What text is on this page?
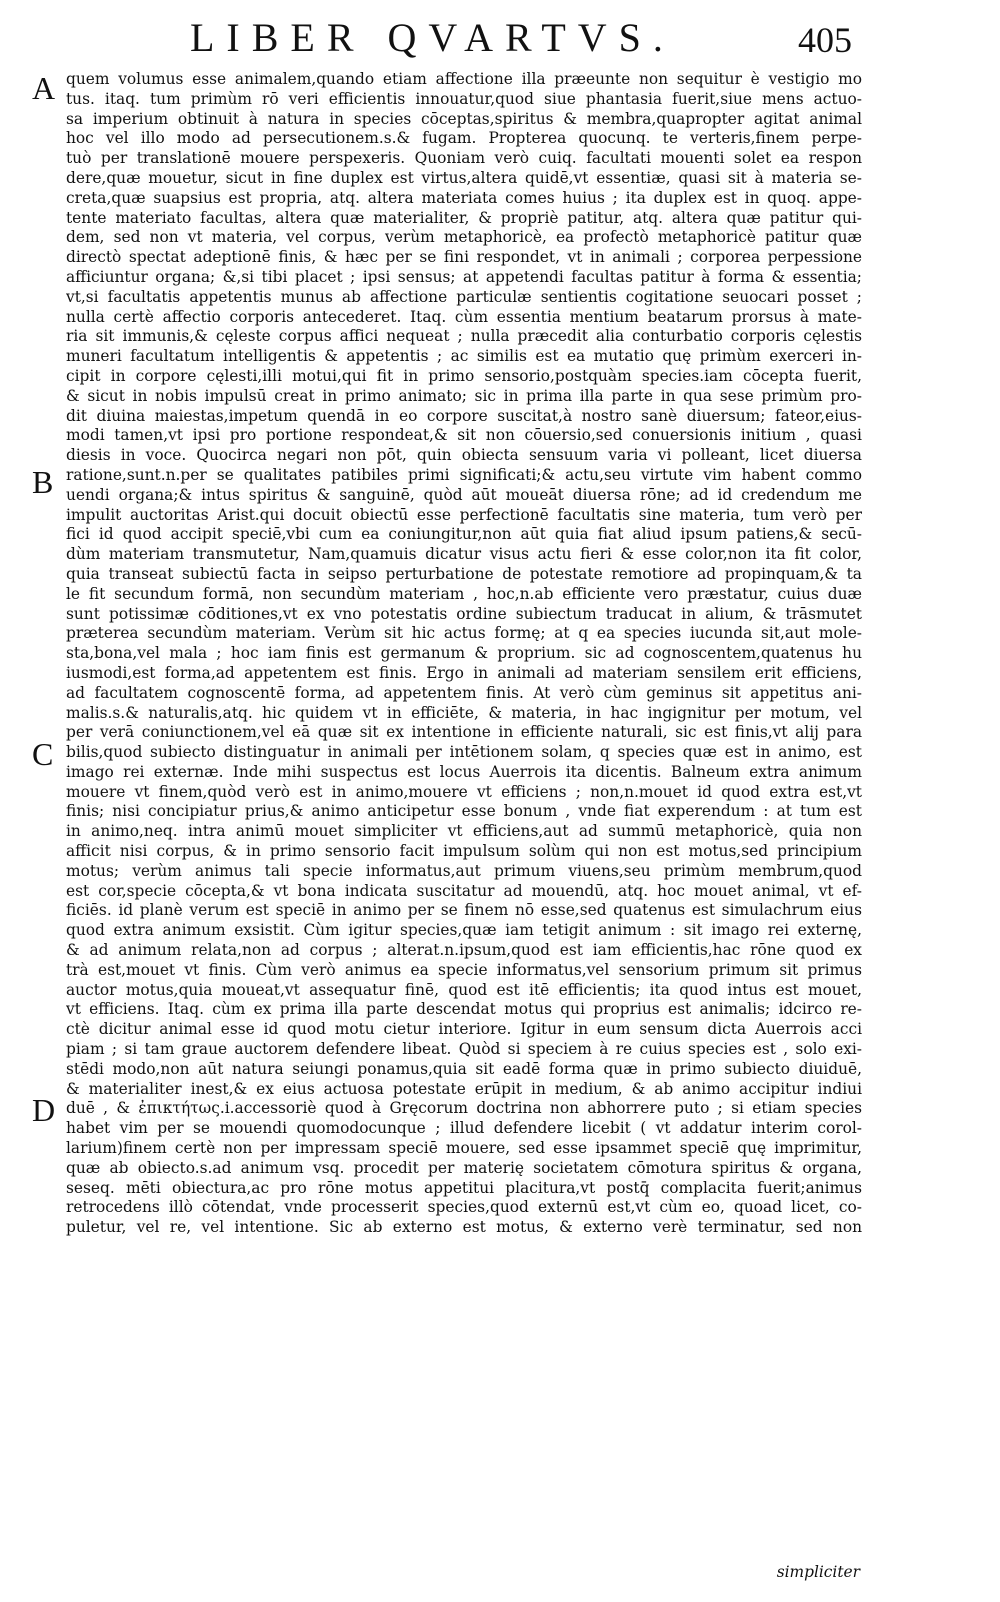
LIBER QVARTVS.	405
A
B
C
D
quem volumus esse animalem,quando etiam affectione illa præeunte non sequitur è vestigio mo
tus. itaq. tum primùm rō veri efficientis innouatur,quod siue phantasia fuerit,siue mens actuo-
sa imperium obtinuit à natura in species cōceptas,spiritus & membra,quapropter agitat animal
hoc vel illo modo ad persecutionem.s.& fugam. Propterea quocunq. te verteris,finem perpe-
tuò per translationē mouere perspexeris. Quoniam verò cuiq. facultati mouenti solet ea respon
dere,quæ mouetur, sicut in fine duplex est virtus,altera quidē,vt essentiæ, quasi sit à materia se-
creta,quæ suapsius est propria, atq. altera materiata comes huius ; ita duplex est in quoq. appe-
tente materiato facultas, altera quæ materialiter, & propriè patitur, atq. altera quæ patitur qui-
dem, sed non vt materia, vel corpus, verùm metaphoricè, ea profectò metaphoricè patitur quæ
directò spectat adeptionē finis, & hæc per se fini respondet, vt in animali ; corporea perpessione
afficiuntur organa; &,si tibi placet ; ipsi sensus; at appetendi facultas patitur à forma & essentia;
vt,si facultatis appetentis munus ab affectione particulæ sentientis cogitatione seuocari posset ;
nulla certè affectio corporis antecederet. Itaq. cùm essentia mentium beatarum prorsus à mate-
ria sit immunis,& cęleste corpus affici nequeat ; nulla præcedit alia conturbatio corporis cęlestis
muneri facultatum intelligentis & appetentis ; ac similis est ea mutatio quę primùm exerceri in-
cipit in corpore cęlesti,illi motui,qui fit in primo sensorio,postquàm species.iam cōcepta fuerit,
& sicut in nobis impulsū creat in primo animato; sic in prima illa parte in qua sese primùm pro-
dit diuina maiestas,impetum quendā in eo corpore suscitat,à nostro sanè diuersum; fateor,eius-
modi tamen,vt ipsi pro portione respondeat,& sit non cōuersio,sed conuersionis initium , quasi
diesis in voce. Quocirca negari non pōt, quin obiecta sensuum varia vi polleant, licet diuersa
ratione,sunt.n.per se qualitates patibiles primi significati;& actu,seu virtute vim habent commo
uendi organa;& intus spiritus & sanguinē, quòd aūt moueāt diuersa rōne; ad id credendum me
impulit auctoritas Arist.qui docuit obiectū esse perfectionē facultatis sine materia, tum verò per
fici id quod accipit speciē,vbi cum ea coniungitur,non aūt quia fiat aliud ipsum patiens,& secū-
dùm materiam transmutetur, Nam,quamuis dicatur visus actu fieri & esse color,non ita fit color,
quia transeat subiectū facta in seipso perturbatione de potestate remotiore ad propinquam,& ta
le fit secundum formā, non secundùm materiam , hoc,n.ab efficiente vero præstatur, cuius duæ
sunt potissimæ cōditiones,vt ex vno potestatis ordine subiectum traducat in alium, & trāsmutet
præterea secundùm materiam. Verùm sit hic actus formę; at q ea species iucunda sit,aut mole-
sta,bona,vel mala ; hoc iam finis est germanum & proprium. sic ad cognoscentem,quatenus hu
iusmodi,est forma,ad appetentem est finis. Ergo in animali ad materiam sensilem erit efficiens,
ad facultatem cognoscentē forma, ad appetentem finis. At verò cùm geminus sit appetitus ani-
malis.s.& naturalis,atq. hic quidem vt in efficiēte, & materia, in hac ingignitur per motum, vel
per verā coniunctionem,vel eā quæ sit ex intentione in efficiente naturali, sic est finis,vt alij para
bilis,quod subiecto distinguatur in animali per intētionem solam, q species quæ est in animo, est
imago rei externæ. Inde mihi suspectus est locus Auerrois ita dicentis. Balneum extra animum
mouere vt finem,quòd verò est in animo,mouere vt efficiens ; non,n.mouet id quod extra est,vt
finis; nisi concipiatur prius,& animo anticipetur esse bonum , vnde fiat experendum : at tum est
in animo,neq. intra animū mouet simpliciter vt efficiens,aut ad summū metaphoricè, quia non
afficit nisi corpus, & in primo sensorio facit impulsum solùm qui non est motus,sed principium
motus; verùm animus tali specie informatus,aut primum viuens,seu primùm membrum,quod
est cor,specie cōcepta,& vt bona indicata suscitatur ad mouendū, atq. hoc mouet animal, vt ef-
ficiēs. id planè verum est speciē in animo per se finem nō esse,sed quatenus est simulachrum eius
quod extra animum exsistit. Cùm igitur species,quæ iam tetigit animum : sit imago rei externę,
& ad animum relata,non ad corpus ; alterat.n.ipsum,quod est iam efficientis,hac rōne quod ex
trà est,mouet vt finis. Cùm verò animus ea specie informatus,vel sensorium primum sit primus
auctor motus,quia moueat,vt assequatur finē, quod est itē efficientis; ita quod intus est mouet,
vt efficiens. Itaq. cùm ex prima illa parte descendat motus qui proprius est animalis; idcirco re-
ctè dicitur animal esse id quod motu cietur interiore. Igitur in eum sensum dicta Auerrois acci
piam ; si tam graue auctorem defendere libeat. Quòd si speciem à re cuius species est , solo exi-
stēdi modo,non aūt natura seiungi ponamus,quia sit eadē forma quæ in primo subiecto diuiduē,
& materialiter inest,& ex eius actuosa potestate erūpit in medium, & ab animo accipitur indiui
duē , & ἐπικτήτως.i.accessoriè quod à Gręcorum doctrina non abhorrere puto ; si etiam species
habet vim per se mouendi quomodocunque ; illud defendere licebit ( vt addatur interim corol-
larium)finem certè non per impressam speciē mouere, sed esse ipsammet speciē quę imprimitur,
quæ ab obiecto.s.ad animum vsq. procedit per materię societatem cōmotura spiritus & organa,
seseq. mēti obiectura,ac pro rōne motus appetitui placitura,vt postq̄ complacita fuerit;animus
retrocedens illò cōtendat, vnde processerit species,quod externū est,vt cùm eo, quoad licet, co-
puletur, vel re, vel intentione. Sic ab externo est motus, & externo verè terminatur, sed non
simpliciter
